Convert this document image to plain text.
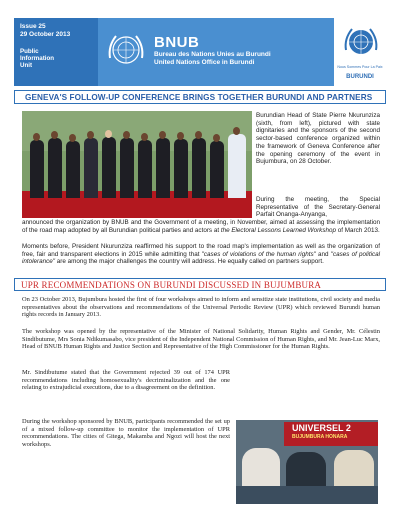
Issue 25
29 October 2013
Public
Information
Unit
BNUB
Bureau des Nations Unies au Burundi
United Nations Office in Burundi
Nous Sommes Pour La Paix
BURUNDI
GENEVA'S FOLLOW-UP CONFERENCE BRINGS TOGETHER BURUNDI AND PARTNERS
Burundian Head of State Pierre Nkurunziza (sixth, from left), pictured with state dignitaries and the sponsors of the second sector-based conference organized within the framework of Geneva Conference after the opening ceremony of the event in Bujumbura, on 28 October.
During the meeting, the Special Representative of the Secretary-General Parfait Onanga-Anyanga,
announced the organization by BNUB and the Government of a meeting, in November, aimed at assessing the implementation of the road map adopted by all Burundian political parties and actors at the Electoral Lessons Learned Workshop of March 2013.
Moments before, President Nkurunziza reaffirmed his support to the road map's implementation as well as the organization of free, fair and transparent elections in 2015 while admitting that "cases of violations of the human rights" and "cases of political intolerance" are among the major challenges the country will address. He equally called on partners support.
UPR RECOMMENDATIONS ON BURUNDI DISCUSSED IN BUJUMBURA
On 23 October 2013, Bujumbura hosted the first of four workshops aimed to inform and sensitize state institutions, civil society and media representatives about the observations and recommendations of the Universal Periodic Review (UPR) which reviewed Burundi human rights records in January 2013.
The workshop was opened by the representative of the Minister of National Solidarity, Human Rights and Gender, Mr. Célestin Sindibutume, Mrs Sonia Ndikumasabo, vice president of the Independent National Commission of Human Rights, and Mr. Jean-Luc Marx, Head of BNUB Human Rights and Justice Section and Representative of the High Commissioner for the Human Rights.
Mr. Sindibutume stated that the Government rejected 39 out of 174 UPR recommendations including homosexuality's decriminalization and the one relating to extrajudicial executions, due to a disagreement on the definition.
During the workshop sponsored by BNUB, participants recommended the set up of a mixed follow-up committee to monitor the implementation of UPR recommendations. The cities of Gitega, Makamba and Ngozi will host the next workshops.
UNIVERSEL 2
BUJUMBURA HONARA
